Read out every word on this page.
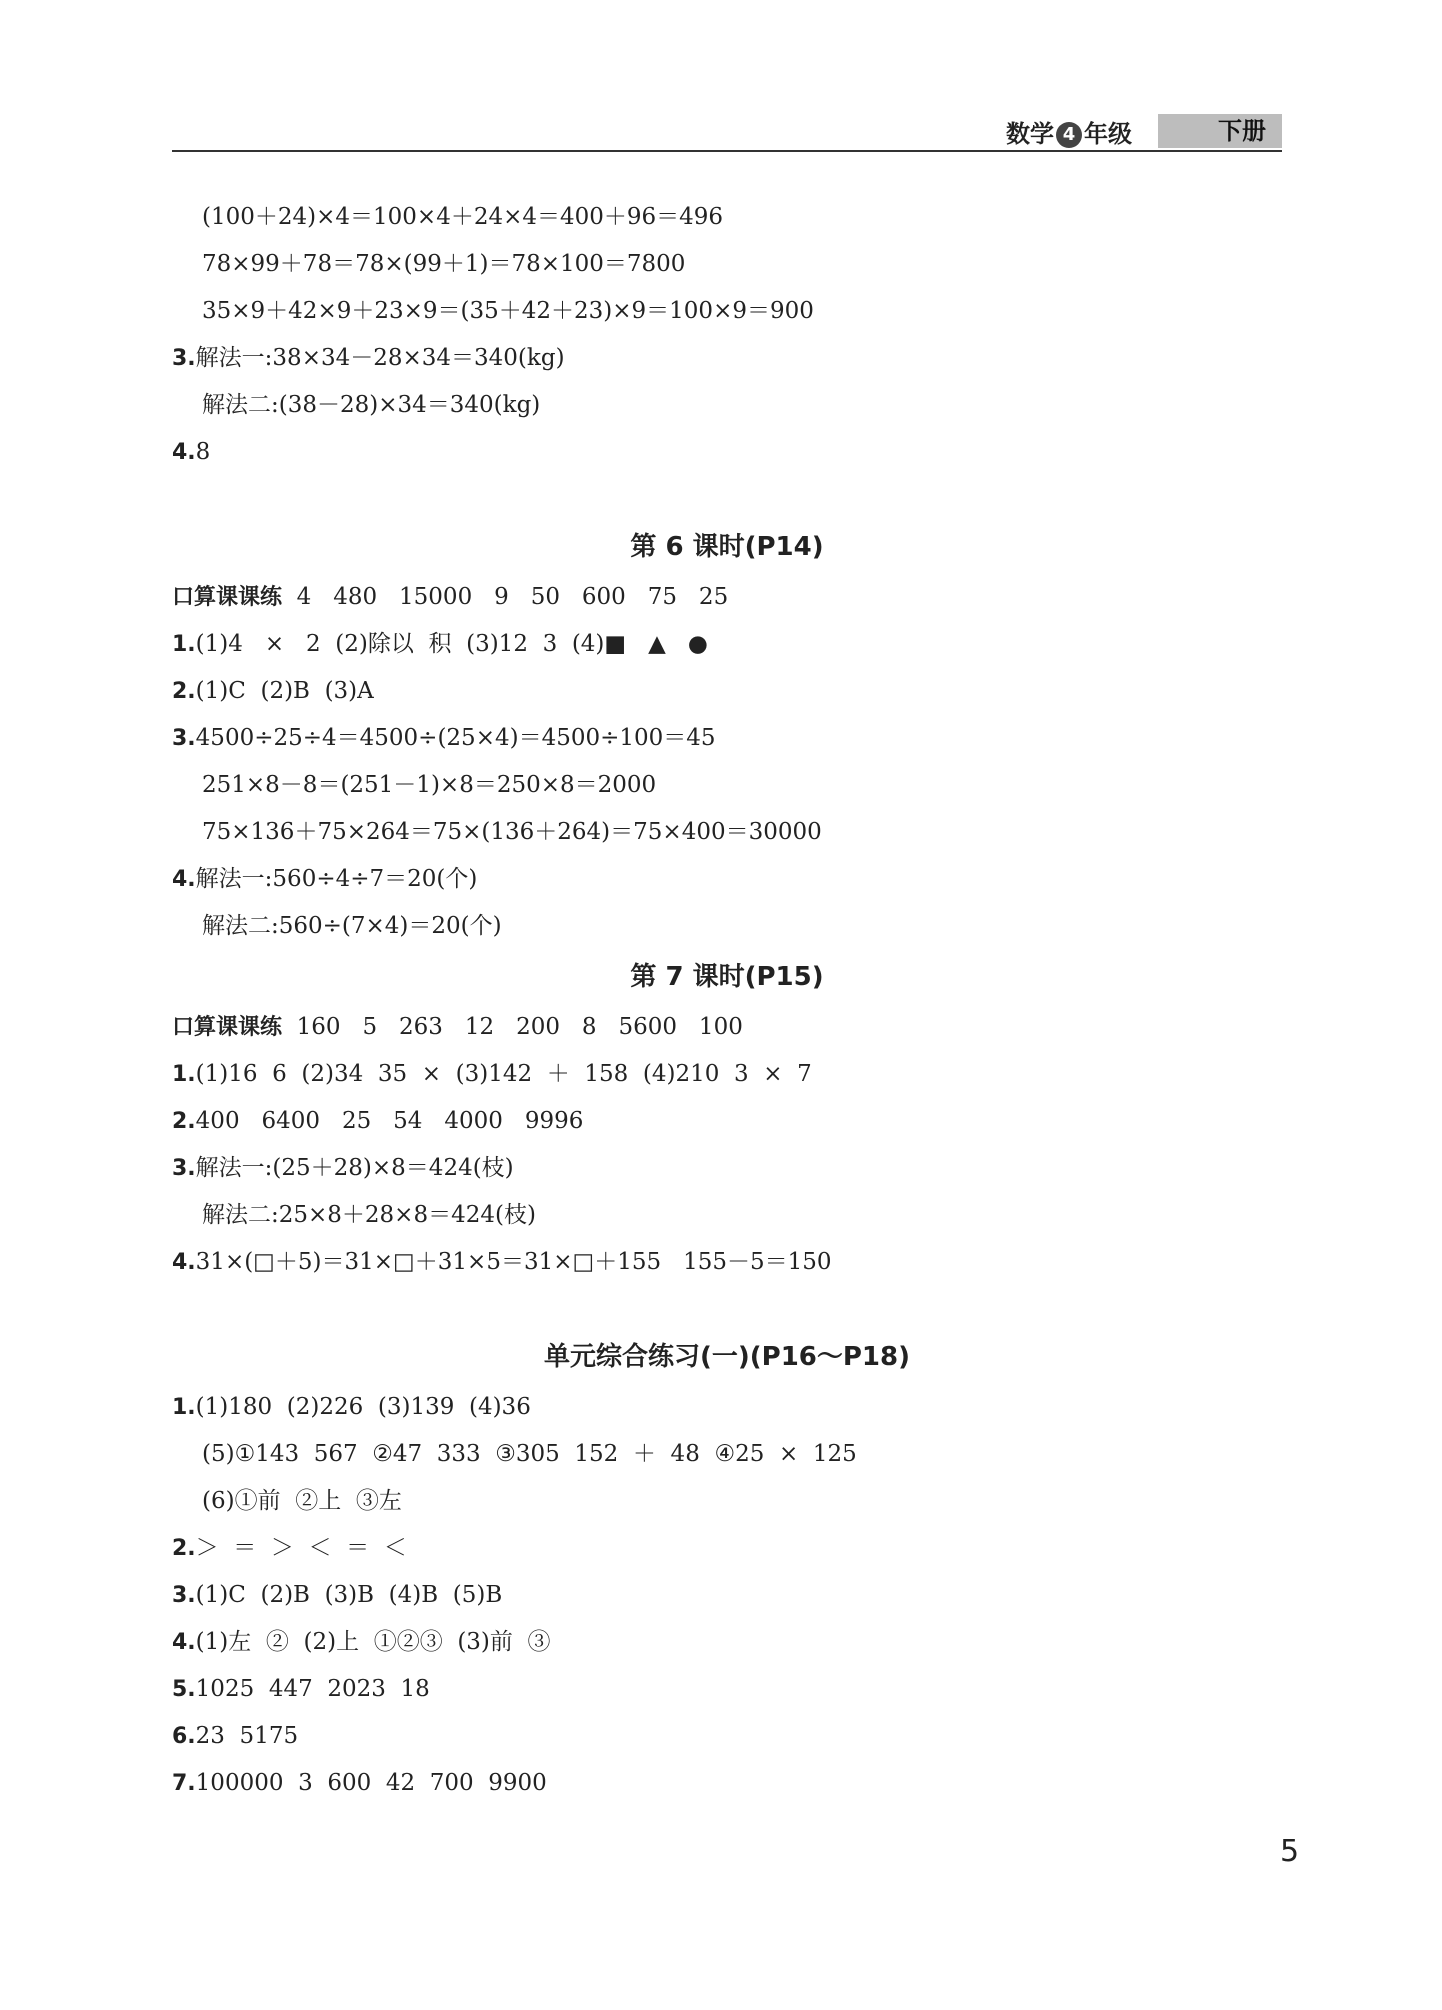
数学 4 年级	下册
(100＋24)×4＝100×4＋24×4＝400＋96＝496
78×99＋78＝78×(99＋1)＝78×100＝7800
35×9＋42×9＋23×9＝(35＋42＋23)×9＝100×9＝900
3.解法一:38×34－28×34＝340(kg)
解法二:(38－28)×34＝340(kg)
4.8
第 6 课时(P14)
口算课课练  4   480   15000   9   50   600   75   25
1.(1)4   ×   2  (2)除以  积  (3)12  3  (4)■   ▲   ●
2.(1)C  (2)B  (3)A
3.4500÷25÷4＝4500÷(25×4)＝4500÷100＝45
251×8－8＝(251－1)×8＝250×8＝2000
75×136＋75×264＝75×(136＋264)＝75×400＝30000
4.解法一:560÷4÷7＝20(个)
解法二:560÷(7×4)＝20(个)
第 7 课时(P15)
口算课课练  160   5   263   12   200   8   5600   100
1.(1)16  6  (2)34  35  ×  (3)142  ＋  158  (4)210  3  ×  7
2.400   6400   25   54   4000   9996
3.解法一:(25＋28)×8＝424(枝)
解法二:25×8＋28×8＝424(枝)
4.31×(□＋5)＝31×□＋31×5＝31×□＋155   155－5＝150
单元综合练习(一)(P16～P18)
1.(1)180  (2)226  (3)139  (4)36
(5)①143  567  ②47  333  ③305  152  ＋  48  ④25  ×  125
(6)①前  ②上  ③左
2.＞  ＝  ＞  ＜  ＝  ＜
3.(1)C  (2)B  (3)B  (4)B  (5)B
4.(1)左  ②  (2)上  ①②③  (3)前  ③
5.1025  447  2023  18
6.23  5175
7.100000  3  600  42  700  9900
5
